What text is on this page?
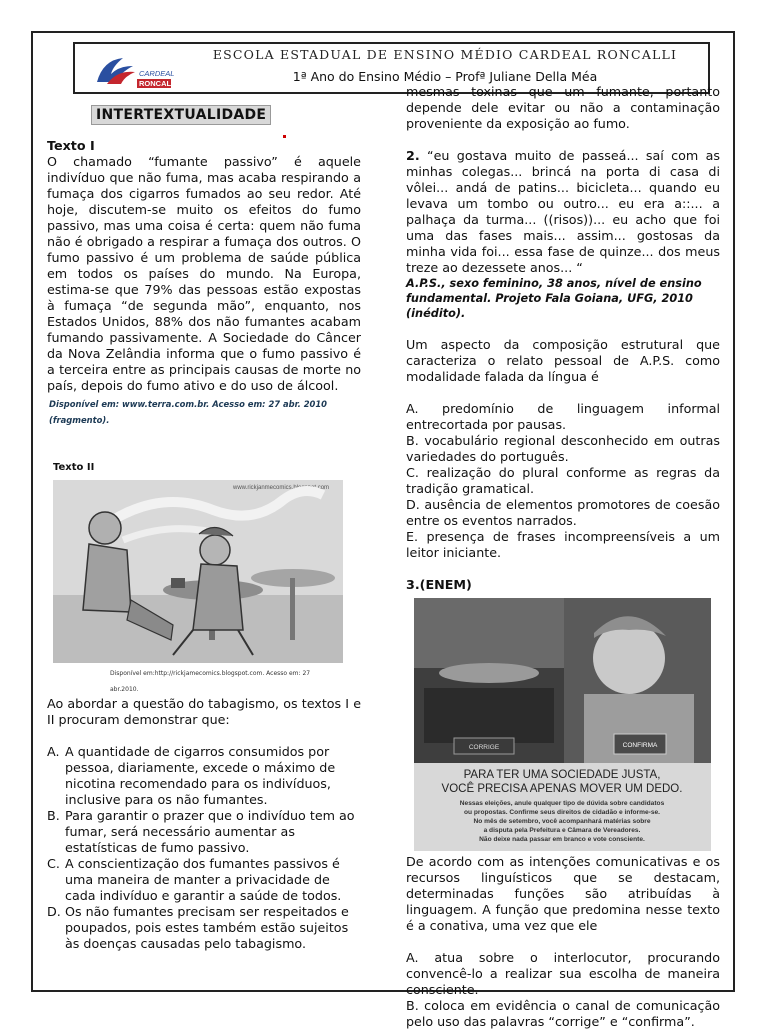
CARDEAL
RONCALLI
ESCOLA ESTADUAL DE ENSINO MÉDIO CARDEAL RONCALLI
1ª Ano do Ensino Médio – Profª Juliane Della Méa
INTERTEXTUALIDADE

Texto I

O chamado “fumante passivo” é aquele indivíduo que não fuma, mas acaba respirando a fumaça dos cigarros fumados ao seu redor. Até hoje, discutem-se muito os efeitos do fumo passivo, mas uma coisa é certa: quem não fuma não é obrigado a respirar a fumaça dos outros. O fumo passivo é um problema de saúde pública em todos os países do mundo. Na Europa, estima-se que 79% das pessoas estão expostas à fumaça “de segunda mão”, enquanto, nos Estados Unidos, 88% dos não fumantes acabam fumando passivamente. A Sociedade do Câncer da Nova Zelândia informa que o fumo passivo é a terceira entre as principais causas de morte no país, depois do fumo ativo e do uso de álcool.

Disponível em: www.terra.com.br. Acesso em: 27 abr. 2010 (fragmento).

Texto II
www.rickjanmecomics.blogspot.com
Disponível em:http://rickjamecomics.blogspot.com. Acesso em: 27 abr.2010.

Ao abordar a questão do tabagismo, os textos I e II procuram demonstrar que:

A. A quantidade de cigarros consumidos por pessoa, diariamente, excede o máximo de nicotina recomendado para os indivíduos, inclusive para os não fumantes.
B. Para garantir o prazer que o indivíduo tem ao fumar, será necessário aumentar as estatísticas de fumo passivo.
C. A conscientização dos fumantes passivos é uma maneira de manter a privacidade de cada indivíduo e garantir a saúde de todos.
D. Os não fumantes precisam ser respeitados e poupados, pois estes também estão sujeitos às doenças causadas pelo tabagismo.

mesmas toxinas que um fumante, portanto depende dele evitar ou não a contaminação proveniente da exposição ao fumo.

2. “eu gostava muito de passeá... saí com as minhas colegas... brincá na porta di casa di vôlei... andá de patins... bicicleta... quando eu levava um tombo ou outro... eu era a::... a palhaça da turma... ((risos))... eu acho que foi uma das fases mais... assim... gostosas da minha vida foi... essa fase de quinze... dos meus treze ao dezessete anos... “

A.P.S., sexo feminino, 38 anos, nível de ensino fundamental. Projeto Fala Goiana, UFG, 2010 (inédito).

Um aspecto da composição estrutural que caracteriza o relato pessoal de A.P.S. como modalidade falada da língua é

A. predomínio de linguagem informal entrecortada por pausas.

B. vocabulário regional desconhecido em outras variedades do português.

C. realização do plural conforme as regras da tradição gramatical.

D. ausência de elementos promotores de coesão entre os eventos narrados.

E. presença de frases incompreensíveis a um leitor iniciante.

3.(ENEM)

CORRIGE	CONFIRMA
PARA TER UMA SOCIEDADE JUSTA,
VOCÊ PRECISA APENAS MOVER UM DEDO.
Nessas eleições, anule qualquer tipo de dúvida sobre candidatos
ou propostas. Confirme seus direitos de cidadão e informe-se.
No mês de setembro, você acompanhará matérias sobre
a disputa pela Prefeitura e Câmara de Vereadores.
Não deixe nada passar em branco e vote consciente.

De acordo com as intenções comunicativas e os recursos linguísticos que se destacam, determinadas funções são atribuídas à linguagem. A função que predomina nesse texto é a conativa, uma vez que ele

A. atua sobre o interlocutor, procurando convencê-lo a realizar sua escolha de maneira consciente.

B. coloca em evidência o canal de comunicação pelo uso das palavras “corrige” e “confirma”.
